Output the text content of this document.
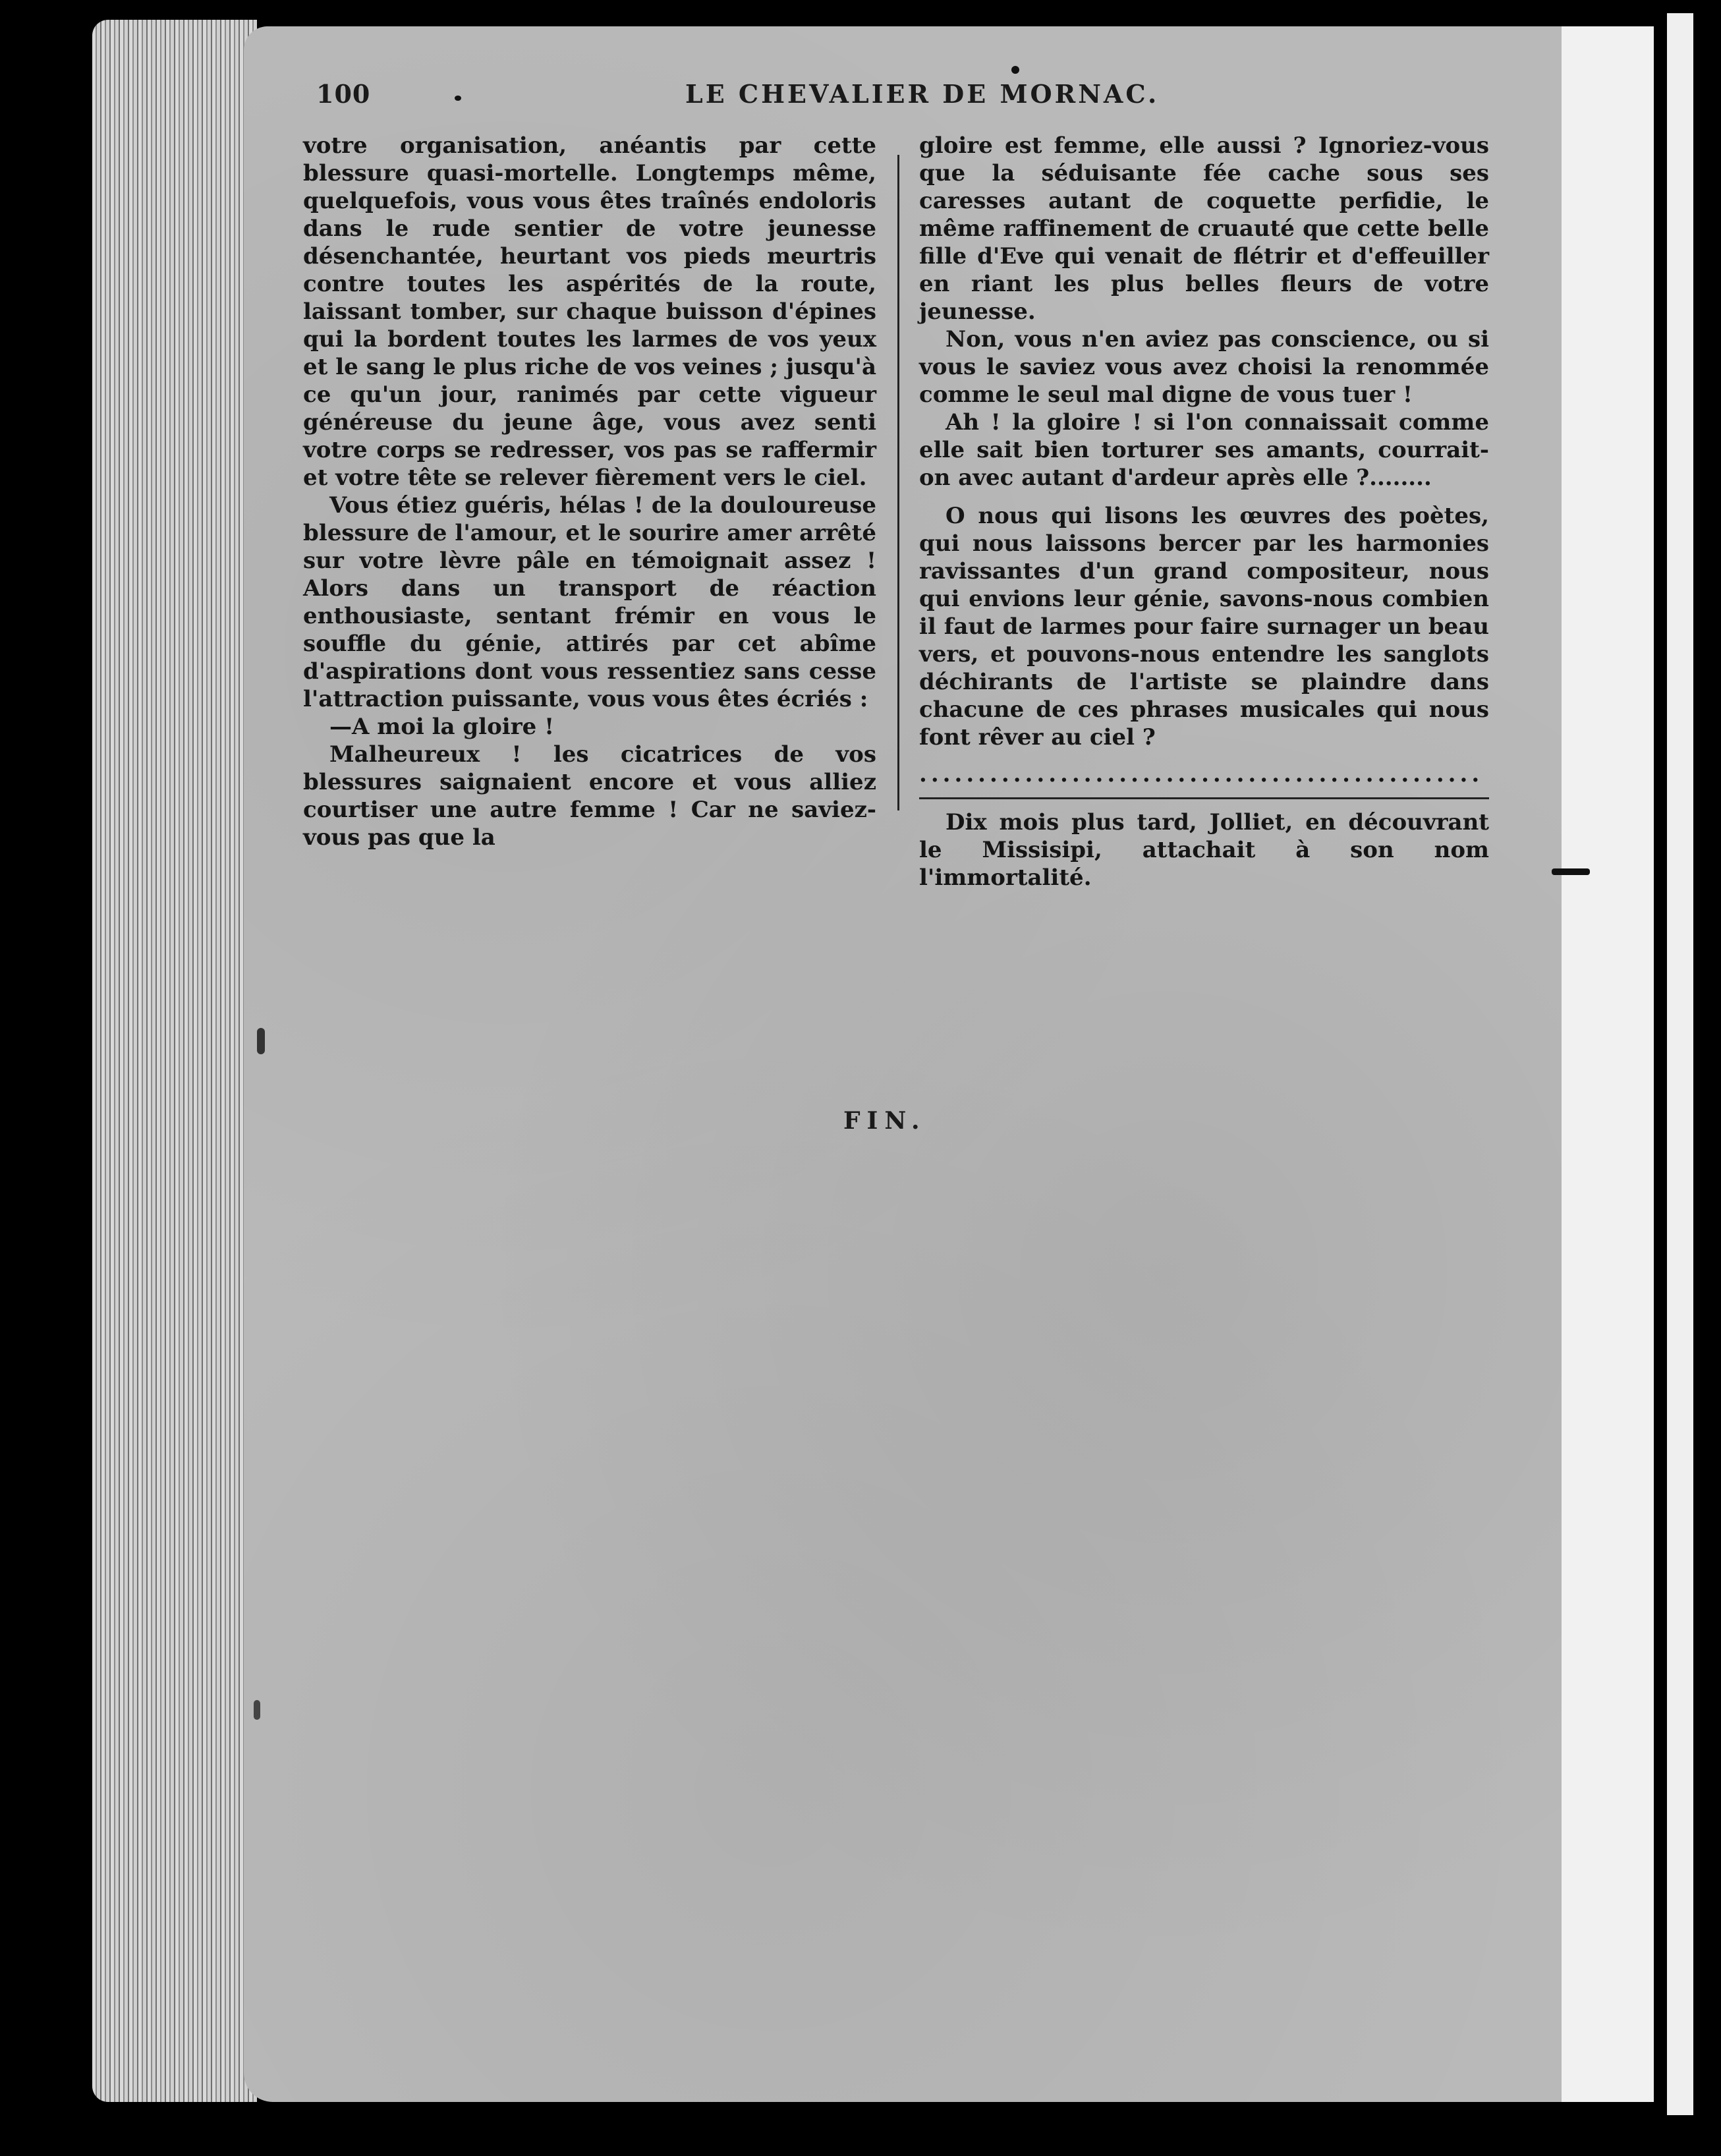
100	LE CHEVALIER DE MORNAC.

votre organisation, anéantis par cette blessure quasi-mortelle. Longtemps même, quelquefois, vous vous êtes traînés endoloris dans le rude sentier de votre jeunesse désenchantée, heurtant vos pieds meurtris contre toutes les aspérités de la route, laissant tomber, sur chaque buisson d'épines qui la bordent toutes les larmes de vos yeux et le sang le plus riche de vos veines ; jusqu'à ce qu'un jour, ranimés par cette vigueur généreuse du jeune âge, vous avez senti votre corps se redresser, vos pas se raffermir et votre tête se relever fièrement vers le ciel.

Vous étiez guéris, hélas ! de la douloureuse blessure de l'amour, et le sourire amer arrêté sur votre lèvre pâle en témoignait assez ! Alors dans un transport de réaction enthousiaste, sentant frémir en vous le souffle du génie, attirés par cet abîme d'aspirations dont vous ressentiez sans cesse l'attraction puissante, vous vous êtes écriés :

—A moi la gloire !

Malheureux ! les cicatrices de vos blessures saignaient encore et vous alliez courtiser une autre femme ! Car ne saviez-vous pas que la

gloire est femme, elle aussi ? Ignoriez-vous que la séduisante fée cache sous ses caresses autant de coquette perfidie, le même raffinement de cruauté que cette belle fille d'Eve qui venait de flétrir et d'effeuiller en riant les plus belles fleurs de votre jeunesse.

Non, vous n'en aviez pas conscience, ou si vous le saviez vous avez choisi la renommée comme le seul mal digne de vous tuer !

Ah ! la gloire ! si l'on connaissait comme elle sait bien torturer ses amants, courrait-on avec autant d'ardeur après elle ?........

O nous qui lisons les œuvres des poètes, qui nous laissons bercer par les harmonies ravissantes d'un grand compositeur, nous qui envions leur génie, savons-nous combien il faut de larmes pour faire surnager un beau vers, et pouvons-nous entendre les sanglots déchirants de l'artiste se plaindre dans chacune de ces phrases musicales qui nous font rêver au ciel ?

................................................

Dix mois plus tard, Jolliet, en découvrant le Missisipi, attachait à son nom l'immortalité.

FIN.
